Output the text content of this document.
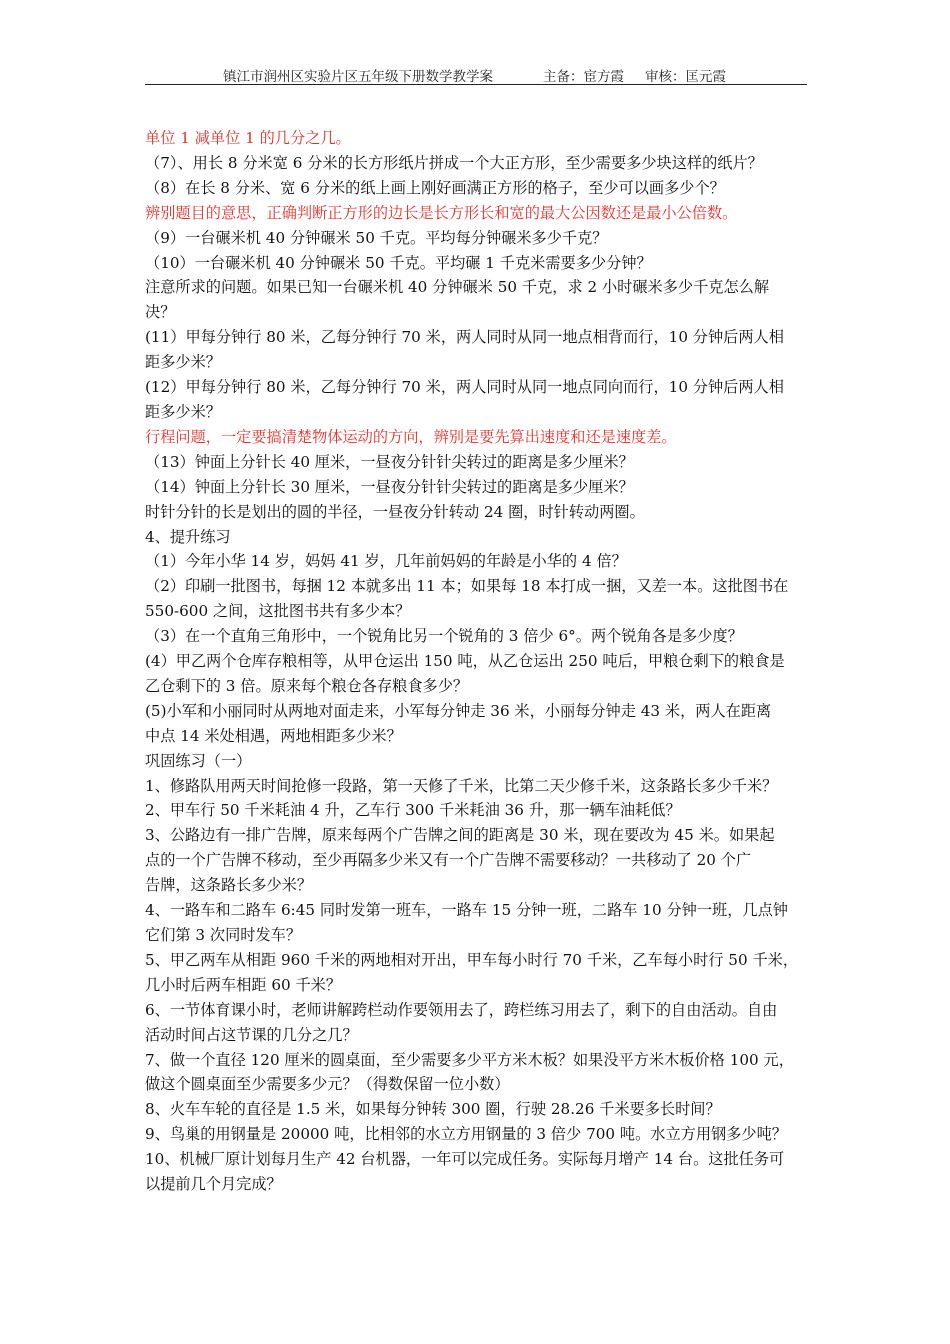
镇江市润州区实验片区五年级下册数学教学案	主备：宦方霞 审核：匡元霞

单位 1 减单位 1 的几分之几。

（7）、用长 8 分米宽 6 分米的长方形纸片拼成一个大正方形，至少需要多少块这样的纸片？

（8）在长 8 分米、宽 6 分米的纸上画上刚好画满正方形的格子，至少可以画多少个？

辨别题目的意思，正确判断正方形的边长是长方形长和宽的最大公因数还是最小公倍数。

（9）一台碾米机 40 分钟碾米 50 千克。平均每分钟碾米多少千克？

（10）一台碾米机 40 分钟碾米 50 千克。平均碾 1 千克米需要多少分钟？

注意所求的问题。如果已知一台碾米机 40 分钟碾米 50 千克，求 2 小时碾米多少千克怎么解

决？

(11）甲每分钟行 80 米，乙每分钟行 70 米，两人同时从同一地点相背而行，10 分钟后两人相

距多少米？

(12）甲每分钟行 80 米，乙每分钟行 70 米，两人同时从同一地点同向而行，10 分钟后两人相

距多少米？

行程问题，一定要搞清楚物体运动的方向，辨别是要先算出速度和还是速度差。

（13）钟面上分针长 40 厘米，一昼夜分针针尖转过的距离是多少厘米？

（14）钟面上分针长 30 厘米，一昼夜分针针尖转过的距离是多少厘米？

时针分针的长是划出的圆的半径，一昼夜分针转动 24 圈，时针转动两圈。

4、提升练习

（1）今年小华 14 岁，妈妈 41 岁，几年前妈妈的年龄是小华的 4 倍？

（2）印刷一批图书，每捆 12 本就多出 11 本；如果每 18 本打成一捆，又差一本。这批图书在

550-600 之间，这批图书共有多少本？

（3）在一个直角三角形中，一个锐角比另一个锐角的 3 倍少 6°。两个锐角各是多少度？

(4）甲乙两个仓库存粮相等，从甲仓运出 150 吨，从乙仓运出 250 吨后，甲粮仓剩下的粮食是

乙仓剩下的 3 倍。原来每个粮仓各存粮食多少？

(5)小军和小丽同时从两地对面走来，小军每分钟走 36 米，小丽每分钟走 43 米，两人在距离

中点 14 米处相遇，两地相距多少米？

巩固练习（一）

1、修路队用两天时间抢修一段路，第一天修了千米，比第二天少修千米，这条路长多少千米？

2、甲车行 50 千米耗油 4 升，乙车行 300 千米耗油 36 升，那一辆车油耗低？

3、公路边有一排广告牌，原来每两个广告牌之间的距离是 30 米，现在要改为 45 米。如果起

点的一个广告牌不移动，至少再隔多少米又有一个广告牌不需要移动？一共移动了 20 个广

告牌，这条路长多少米？

4、一路车和二路车 6:45 同时发第一班车，一路车 15 分钟一班，二路车 10 分钟一班，几点钟

它们第 3 次同时发车？

5、甲乙两车从相距 960 千米的两地相对开出，甲车每小时行 70 千米，乙车每小时行 50 千米，

几小时后两车相距 60 千米？

6、一节体育课小时，老师讲解跨栏动作要领用去了，跨栏练习用去了，剩下的自由活动。自由

活动时间占这节课的几分之几？

7、做一个直径 120 厘米的圆桌面，至少需要多少平方米木板？如果没平方米木板价格 100 元，

做这个圆桌面至少需要多少元？（得数保留一位小数）

8、火车车轮的直径是 1.5 米，如果每分钟转 300 圈，行驶 28.26 千米要多长时间？

9、鸟巢的用钢量是 20000 吨，比相邻的水立方用钢量的 3 倍少 700 吨。水立方用钢多少吨？

10、机械厂原计划每月生产 42 台机器，一年可以完成任务。实际每月增产 14 台。这批任务可

以提前几个月完成？
